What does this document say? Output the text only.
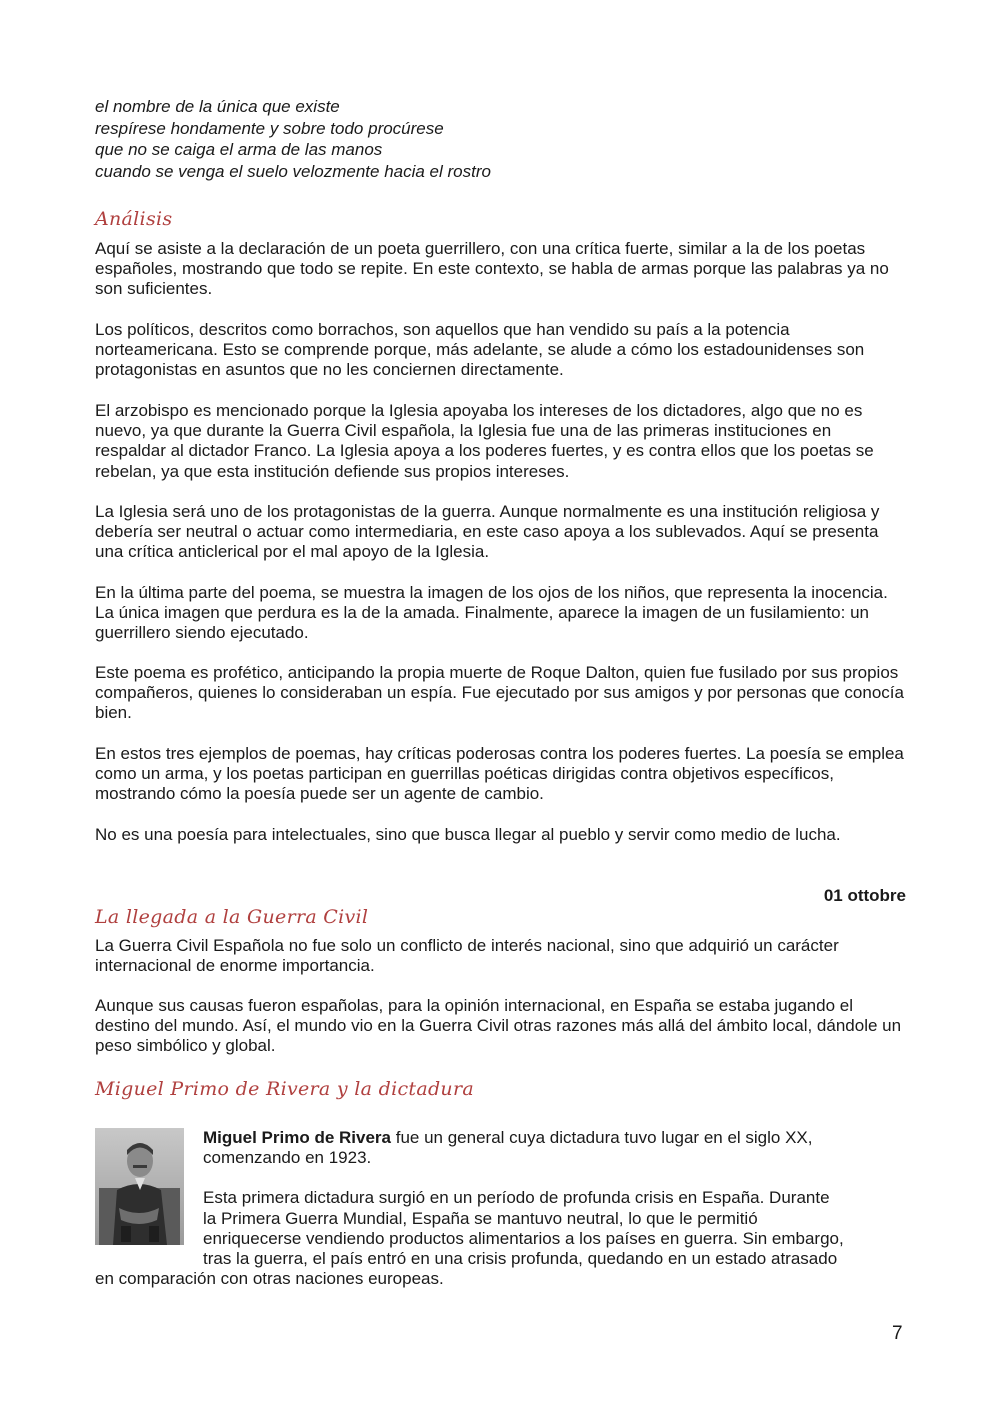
el nombre de la única que existe
respírese hondamente y sobre todo procúrese
que no se caiga el arma de las manos
cuando se venga el suelo velozmente hacia el rostro
Análisis

Aquí se asiste a la declaración de un poeta guerrillero, con una crítica fuerte, similar a la de los poetas españoles, mostrando que todo se repite. En este contexto, se habla de armas porque las palabras ya no son suficientes.

Los políticos, descritos como borrachos, son aquellos que han vendido su país a la potencia norteamericana. Esto se comprende porque, más adelante, se alude a cómo los estadounidenses son protagonistas en asuntos que no les conciernen directamente.

El arzobispo es mencionado porque la Iglesia apoyaba los intereses de los dictadores, algo que no es nuevo, ya que durante la Guerra Civil española, la Iglesia fue una de las primeras instituciones en respaldar al dictador Franco. La Iglesia apoya a los poderes fuertes, y es contra ellos que los poetas se rebelan, ya que esta institución defiende sus propios intereses.

La Iglesia será uno de los protagonistas de la guerra. Aunque normalmente es una institución religiosa y debería ser neutral o actuar como intermediaria, en este caso apoya a los sublevados. Aquí se presenta una crítica anticlerical por el mal apoyo de la Iglesia.

En la última parte del poema, se muestra la imagen de los ojos de los niños, que representa la inocencia. La única imagen que perdura es la de la amada. Finalmente, aparece la imagen de un fusilamiento: un guerrillero siendo ejecutado.

Este poema es profético, anticipando la propia muerte de Roque Dalton, quien fue fusilado por sus propios compañeros, quienes lo consideraban un espía. Fue ejecutado por sus amigos y por personas que conocía bien.

En estos tres ejemplos de poemas, hay críticas poderosas contra los poderes fuertes. La poesía se emplea como un arma, y los poetas participan en guerrillas poéticas dirigidas contra objetivos específicos, mostrando cómo la poesía puede ser un agente de cambio.

No es una poesía para intelectuales, sino que busca llegar al pueblo y servir como medio de lucha.

01 ottobre
La llegada a la Guerra Civil

La Guerra Civil Española no fue solo un conflicto de interés nacional, sino que adquirió un carácter internacional de enorme importancia.

Aunque sus causas fueron españolas, para la opinión internacional, en España se estaba jugando el destino del mundo. Así, el mundo vio en la Guerra Civil otras razones más allá del ámbito local, dándole un peso simbólico y global.

Miguel Primo de Rivera y la dictadura
Miguel Primo de Rivera fue un general cuya dictadura tuvo lugar en el siglo XX,
comenzando en 1923.
Esta primera dictadura surgió en un período de profunda crisis en España. Durante
la Primera Guerra Mundial, España se mantuvo neutral, lo que le permitió
enriquecerse vendiendo productos alimentarios a los países en guerra. Sin embargo,
tras la guerra, el país entró en una crisis profunda, quedando en un estado atrasado
en comparación con otras naciones europeas.
7
